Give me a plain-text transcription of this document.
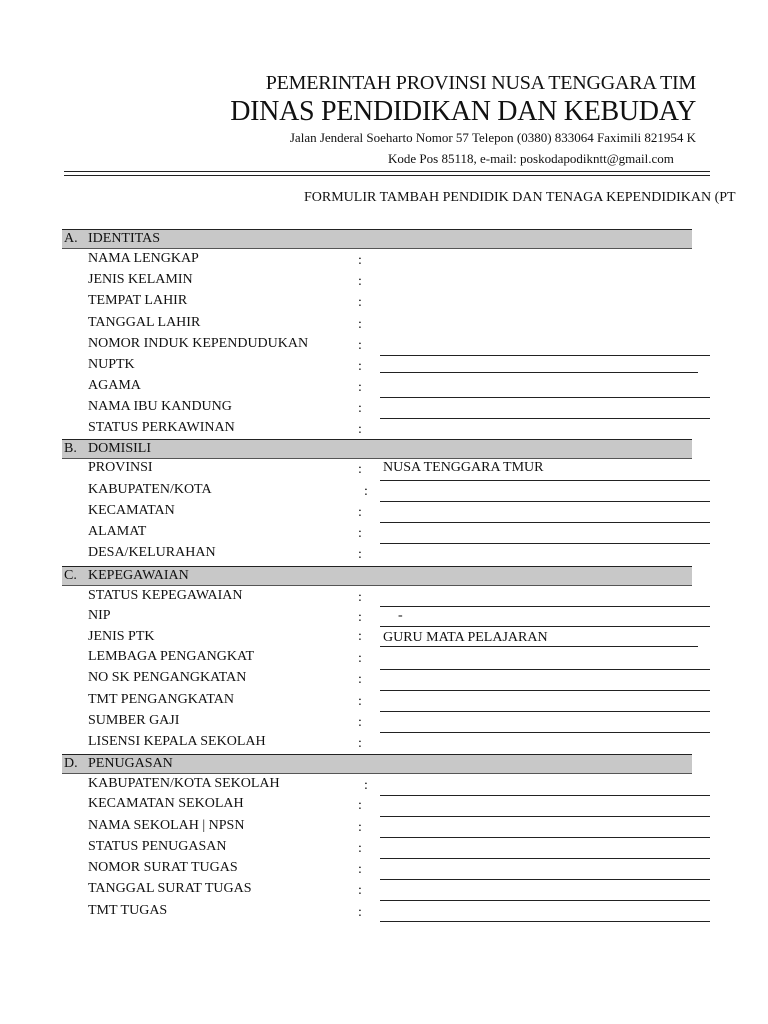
PEMERINTAH PROVINSI NUSA TENGGARA TIM
DINAS PENDIDIKAN DAN KEBUDAY
Jalan Jenderal Soeharto Nomor 57 Telepon (0380) 833064 Faximili 821954 K
Kode Pos 85118, e-mail: poskodapodikntt@gmail.com
FORMULIR TAMBAH PENDIDIK DAN TENAGA KEPENDIDIKAN (PT
A. IDENTITAS
NAMA LENGKAP	:
JENIS KELAMIN	:
TEMPAT LAHIR	:
TANGGAL LAHIR	:
NOMOR INDUK KEPENDUDUKAN	:
NUPTK	:
AGAMA	:
NAMA IBU KANDUNG	:
STATUS PERKAWINAN	:
B. DOMISILI
PROVINSI	: NUSA TENGGARA TMUR
KABUPATEN/KOTA	:
KECAMATAN	:
ALAMAT	:
DESA/KELURAHAN	:
C. KEPEGAWAIAN
STATUS KEPEGAWAIAN	:
NIP	:	-
JENIS PTK	: GURU MATA PELAJARAN
LEMBAGA PENGANGKAT	:
NO SK PENGANGKATAN	:
TMT PENGANGKATAN	:
SUMBER GAJI	:
LISENSI KEPALA SEKOLAH	:
D. PENUGASAN
KABUPATEN/KOTA SEKOLAH	:
KECAMATAN SEKOLAH	:
NAMA SEKOLAH | NPSN	:
STATUS PENUGASAN	:
NOMOR SURAT TUGAS	:
TANGGAL SURAT TUGAS	:
TMT TUGAS	:
